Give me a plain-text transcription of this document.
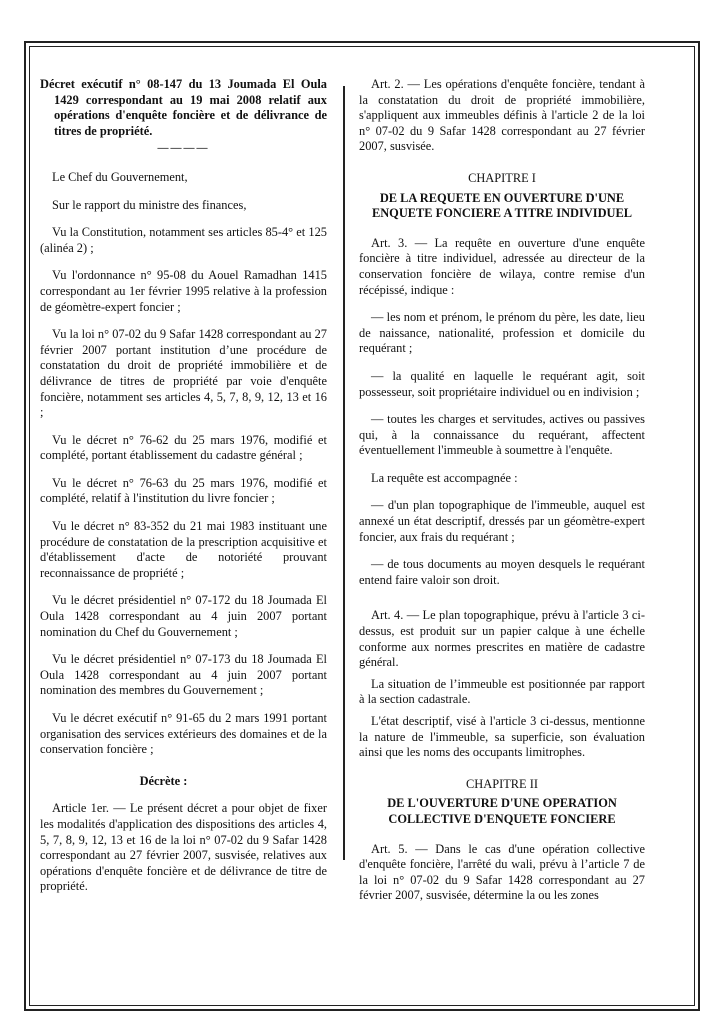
Décret exécutif n° 08-147 du 13 Joumada El Oula 1429 correspondant au 19 mai 2008 relatif aux opérations d'enquête foncière et de délivrance de titres de propriété.

————

Le Chef du Gouvernement,

Sur le rapport du ministre des finances,

Vu la Constitution, notamment ses articles 85-4° et 125 (alinéa 2) ;

Vu l'ordonnance n° 95-08 du Aouel Ramadhan 1415 correspondant au 1er février 1995 relative à la profession de géomètre-expert foncier ;

Vu la loi n° 07-02 du 9 Safar 1428 correspondant au 27 février 2007 portant institution d’une procédure de constatation du droit de propriété immobilière et de délivrance de titres de propriété par voie d'enquête foncière, notamment ses articles 4, 5, 7, 8, 9, 12, 13 et 16 ;

Vu le décret n° 76-62 du 25 mars 1976, modifié et complété, portant établissement du cadastre général ;

Vu le décret n° 76-63 du 25 mars 1976, modifié et complété, relatif à l'institution du livre foncier ;

Vu le décret n° 83-352 du 21 mai 1983 instituant une procédure de constatation de la prescription acquisitive et d'établissement d'acte de notoriété prouvant reconnaissance de propriété ;

Vu le décret présidentiel n° 07-172 du 18 Joumada El Oula 1428 correspondant au 4 juin 2007 portant nomination du Chef du Gouvernement ;

Vu le décret présidentiel n° 07-173 du 18 Joumada El Oula 1428 correspondant au 4 juin 2007 portant nomination des membres du Gouvernement ;

Vu le décret exécutif n° 91-65 du 2 mars 1991 portant organisation des services extérieurs des domaines et de la conservation foncière ;

Décrète :

Article 1er. — Le présent décret a pour objet de fixer les modalités d'application des dispositions des articles 4, 5, 7, 8, 9, 12, 13 et 16 de la loi n° 07-02 du 9 Safar 1428 correspondant au 27 février 2007, susvisée, relatives aux opérations d'enquête foncière et de délivrance de titre de propriété.

Art. 2. — Les opérations d'enquête foncière, tendant à la constatation du droit de propriété immobilière, s'appliquent aux immeubles définis à l'article 2 de la loi n° 07-02 du 9 Safar 1428 correspondant au 27 février 2007, susvisée.

CHAPITRE I

DE LA REQUETE EN OUVERTURE D'UNE ENQUETE FONCIERE A TITRE INDIVIDUEL

Art. 3. — La requête en ouverture d'une enquête foncière à titre individuel, adressée au directeur de la conservation foncière de wilaya, contre remise d'un récépissé, indique :

— les nom et prénom, le prénom du père, les date, lieu de naissance, nationalité, profession et domicile du requérant ;

— la qualité en laquelle le requérant agit, soit possesseur, soit propriétaire individuel ou en indivision ;

— toutes les charges et servitudes, actives ou passives qui, à la connaissance du requérant, affectent éventuellement l'immeuble à soumettre à l'enquête.

La requête est accompagnée :

— d'un plan topographique de l'immeuble, auquel est annexé un état descriptif, dressés par un géomètre-expert foncier, aux frais du requérant ;

— de tous documents au moyen desquels le requérant entend faire valoir son droit.

Art. 4. — Le plan topographique, prévu à l'article 3 ci-dessus, est produit sur un papier calque à une échelle conforme aux normes prescrites en matière de cadastre général.

La situation de l’immeuble est positionnée par rapport à la section cadastrale.

L'état descriptif, visé à l'article 3 ci-dessus, mentionne la nature de l'immeuble, sa superficie, son évaluation ainsi que les noms des occupants limitrophes.

CHAPITRE II

DE L'OUVERTURE D'UNE OPERATION COLLECTIVE D'ENQUETE FONCIERE

Art. 5. — Dans le cas d'une opération collective d'enquête foncière, l'arrêté du wali, prévu à l’article 7 de la loi n° 07-02 du 9 Safar 1428 correspondant au 27 février 2007, susvisée, détermine la ou les zones
